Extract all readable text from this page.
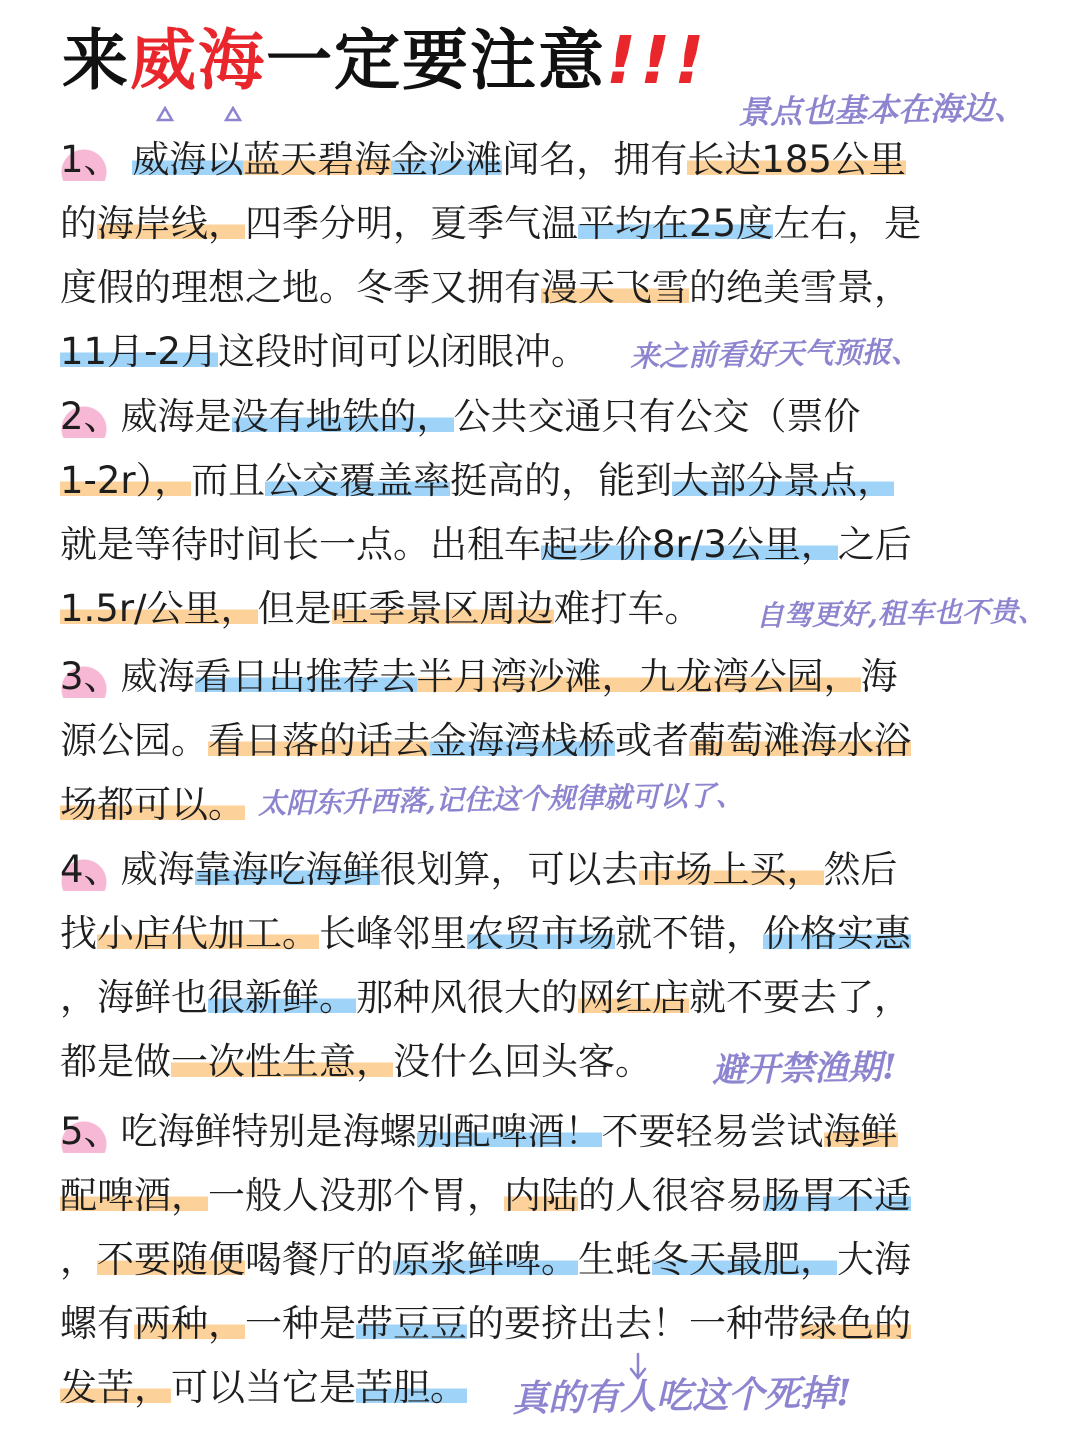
来威海一定要注意!!!
景点也基本在海边、
来之前看好天气预报、
自驾更好,租车也不贵、
太阳东升西落,记住这个规律就可以了、
避开禁渔期!
真的有人吃这个死掉!

1、 威海以蓝天碧海金沙滩闻名，拥有长达185公里
的海岸线，四季分明，夏季气温平均在25度左右，是
度假的理想之地。冬季又拥有漫天飞雪的绝美雪景，
11月-2月这段时间可以闭眼冲。

2、威海是没有地铁的，公共交通只有公交（票价
1-2r），而且公交覆盖率挺高的，能到大部分景点，
就是等待时间长一点。出租车起步价8r/3公里，之后
1.5r/公里，但是旺季景区周边难打车。

3、威海看日出推荐去半月湾沙滩，九龙湾公园，海
源公园。看日落的话去金海湾栈桥或者葡萄滩海水浴
场都可以。

4、威海靠海吃海鲜很划算，可以去市场上买，然后
找小店代加工。长峰邻里农贸市场就不错，价格实惠
，海鲜也很新鲜。那种风很大的网红店就不要去了，
都是做一次性生意，没什么回头客。

5、吃海鲜特别是海螺别配啤酒！不要轻易尝试海鲜
配啤酒，一般人没那个胃，内陆的人很容易肠胃不适
，不要随便喝餐厅的原浆鲜啤。生蚝冬天最肥，大海
螺有两种，一种是带豆豆的要挤出去！一种带绿色的
发苦，可以当它是苦胆。
